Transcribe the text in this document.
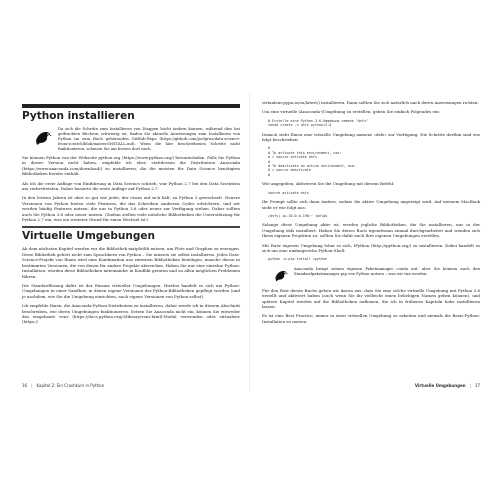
Python installieren

Da sich die Schritte zum Installieren von Diagpen leicht ändern können, während dies bei gedruckten Büchern schwierig ist, finden Sie aktuelle Anweisungen zum Installieren von Python im zum Buch gehörenden GitHub-Repo (https://github.com/joelgrus/data-science-from-scratch/blob/master/INSTALL.md). Wenn die hier beschriebenen Schritte nicht funktionieren, schauen Sie am besten dort nach.

Sie können Python von der Webseite python.org (https://www.python.org/) herunterladen. Falls Sie Python in dieser Version nicht haben, empfehle ich eher, stattdessen die Distribution Anaconda (https://www.anaconda.com/download/) zu installieren, die die meisten für Data Science benötigten Bibliotheken bereits enthält.

Als ich die erste Auflage von Einführung in Data Science schrieb, war Python 2.7 bei den Data Scientists am verbreitetsten. Daher basierte die erste Auflage auf Python 2.7.

In den letzten Jahren ist aber so gut wie jeder, der etwas auf sich hält, zu Python 3 gewechselt. Neuere Versionen von Python bieten viele Features, die das Schreiben sauberen Codes erleichtern, und wir werden häufig Features nutzen, die nur in Python 3.6 oder neuer zur Verfügung stehen. Daher sollten auch Sie Python 3.6 oder neuer nutzen. (Zudem stellen viele nützliche Bibliotheken die Unterstützung für Python 2.7 ein, was ein weiterer Grund für einen Wechsel ist.)

Virtuelle Umgebungen

Ab dem nächsten Kapitel werden wir die Bibliothek matplotlib nutzen, um Plots und Graphen zu erzeugen. Diese Bibliothek gehört nicht zum Sprachkern von Python – Sie müssen sie selbst installieren. Jedes Data-Science-Projekt von Ihnen wird eine Kombination aus externen Bibliotheken benötigen, manche davon in bestimmten Versionen, die von denen für andere Projekte abweichen. Haben Sie nur eine einzelne Python-Installation, würden diese Bibliotheken miteinander in Konflikt geraten und zu allen möglichen Problemen führen.

Die Standardlösung dafür ist der Einsatz virtueller Umgebungen. Hierbei handelt es sich um Python-Umgebungen in einer Sandbox, in denen eigene Versionen der Python-Bibliotheken gepflegt werden (und je nachdem, wie Sie die Umgebung einrichten, auch eigene Versionen von Python selbst).

Ich empfehle Ihnen, die Anaconda-Python-Distribution zu installieren, daher werde ich in diesem Abschnitt beschreiben, wie deren Umgebungen funktionieren. Setzen Sie Anaconda nicht ein, können Sie entweder das eingebaute venv (https://docs.python.org/3/library/venv.html)-Modul verwenden oder virtualenv (https://

16 | Kapitel 2: Ein Crashkurs in Python

virtualenv.pypa.io/en/latest/) installieren. Dann sollten Sie sich natürlich nach deren Anweisungen richten.

Um eine virtuelle (Anaconda-)Umgebung zu erstellen, geben Sie einfach Folgendes ein:

# Erstelle eine Python-3.6-Umgebung namens "dsfs"
conda create -n dsfs python=3.6

Danach steht Ihnen eine virtuelle Umgebung namens »dsfs« zur Verfügung. Die Schritte dorthin sind wie folgt beschrieben:

#
# To activate this environment, use:
# > source activate dsfs
#
# To deactivate an active environment, use:
# > source deactivate
#

Wie angegeben, aktivieren Sie die Umgebung mit diesem Befehl:

source activate dsfs

Ihr Prompt sollte sich dann ändern, sodass die aktive Umgebung angezeigt wird. Auf meinem MacBook sieht er wie folgt aus:

(dsfs) ip-10-0-0-198:~ joelg$

Solange diese Umgebung aktiv ist, werden jegliche Bibliotheken, die Sie installieren, nur in der Umgebung dsfs installiert. Haben Sie dieses Buch irgendwann einmal durchgearbeitet und wenden sich Ihren eigenen Projekten zu, sollten Sie dafür auch Ihre eigenen Umgebungen erstellen.

Mit Ihrer eigenen Umgebung lohnt es sich, IPython (http://ipython.org/) zu installieren. Dabei handelt es sich um eine umfangreiche Python-Shell:

python -m pip install ipython

Anaconda bringt seinen eigenen Paketmanager conda mit, aber Sie können auch den Standardpaketmanager pip von Python nutzen – was wir tun werden.

Für den Rest dieses Buchs gehen wir davon aus, dass Sie eine solche virtuelle Umgebung mit Python 3.6 erstellt und aktiviert haben (auch wenn Sie ihr vielleicht einen beliebigen Namen geben können), und spätere Kapitel werden auf die Bibliotheken aufbauen, die ich in früheren Kapiteln habe installieren lassen.

Es ist eine Best Practice, immer in einer virtuellen Umgebung zu arbeiten und niemals die Basis-Python-Installation zu nutzen.

Virtuelle Umgebungen | 17
